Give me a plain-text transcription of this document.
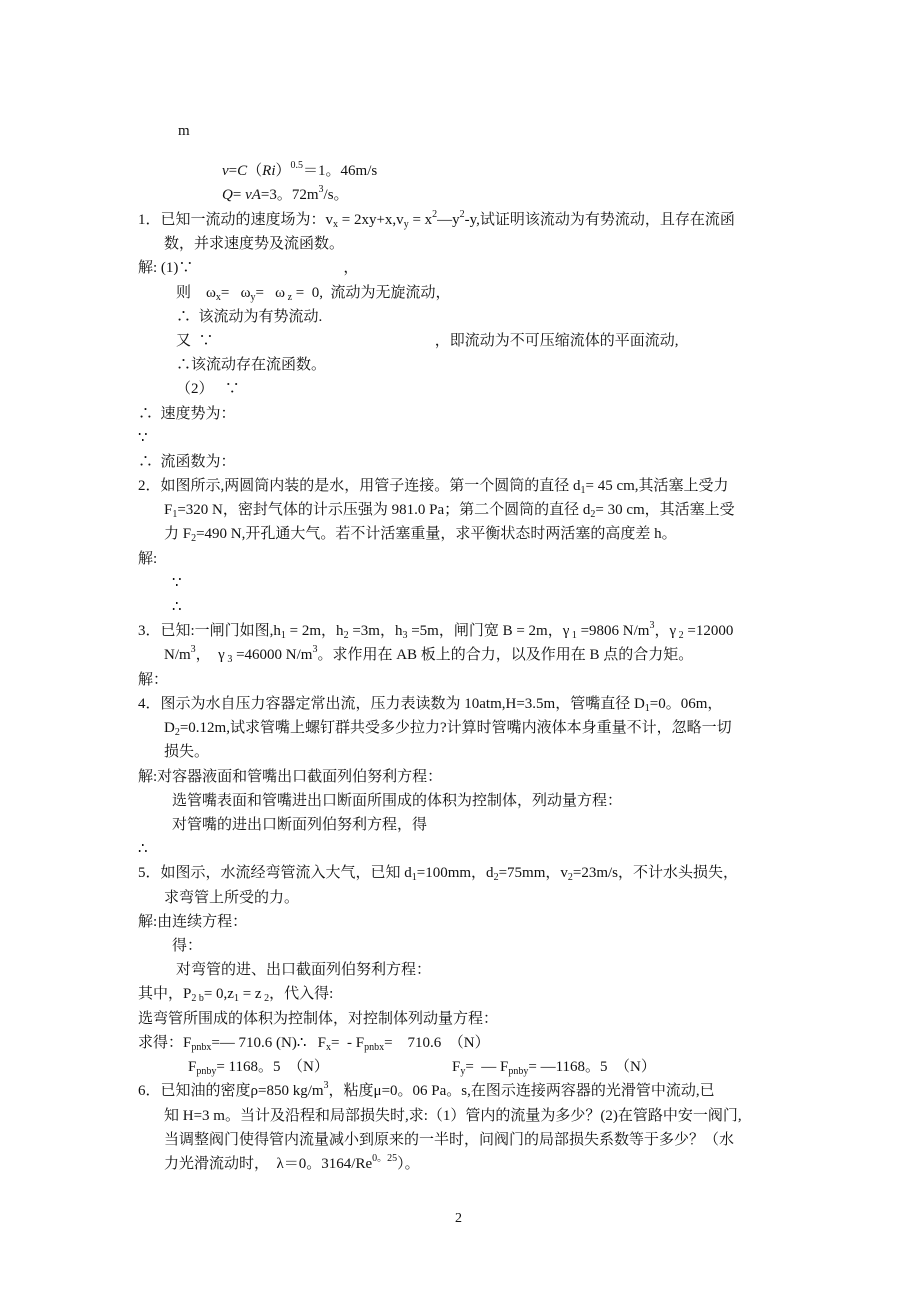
m
$v=C(Ri)^{0.5}=1$。46m/s
Q= vA=3。$72m^3/s$。
1．已知一流动的速度场为：$v_x = 2xy+x,v_y$ = $x^2—y^2-y$,试证明该流动为有势流动，且存在流函
数，并求速度势及流函数。
解: (1)∵                                        ，
则    $\omega_x= \omega_y= \omega$ $_z$ =  0,  流动为无旋流动，
∴  该流动为有势流动.
又  ∵                                                           ，即流动为不可压缩流体的平面流动,
∴该流动存在流函数。
（2）   ∵
∴  速度势为：
∵
∴  流函数为：
2．如图所示,两圆筒内装的是水，用管子连接。第一个圆筒的直径 $d_1= 45$ cm,其活塞上受力
$F_1=320$ N，密封气体的计示压强为 981.0 Pa；第二个圆筒的直径 $d_2= 30$ cm，其活塞上受
力 $F_2=490$ N,开孔通大气。若不计活塞重量，求平衡状态时两活塞的高度差 h。
解:
∵
∴
3．已知:一闸门如图$,h_1 = 2m$，$h_2 =3m$，$h_3 =5m$，闸门宽 B = 2m，γ $_1$ =9806 $N/m^3$，γ $_2$ =12000
$N/m^3$，  γ $_3$ =46000 $N/m^3$。求作用在 AB 板上的合力，以及作用在 B 点的合力矩。
解：
4．图示为水自压力容器定常出流，压力表读数为 10atm,H=3.5m，管嘴直径 $D_1=0$。06m，
$D_2=0.12m$,试求管嘴上螺钉群共受多少拉力?计算时管嘴内液体本身重量不计，忽略一切
损失。
解:对容器液面和管嘴出口截面列伯努利方程：
选管嘴表面和管嘴进出口断面所围成的体积为控制体，列动量方程：
对管嘴的进出口断面列伯努利方程，得
∴
5．如图示，水流经弯管流入大气，已知 $d_1=100mm$，$d_2=75mm$，$v_2=23m/s$，不计水头损失，
求弯管上所受的力。
解:由连续方程：
得：
对弯管的进、出口截面列伯努利方程：
其中，$P_{2 b}= 0,z_1 = z$ $_2$，代入得:
选弯管所围成的体积为控制体，对控制体列动量方程：
求得：$F_{pnbx}=—$ 710.6 (N)∴   $F_x= - F_{pnbx}=$    710.6  （N）
$F_{pnby}= 1168$。5  （N）	$F_y=$  — $F_{pnby}=$ —1168。5  （N）
6．已知油的密度ρ=850 $kg/m^3$，粘度μ=0。06 Pa。s,在图示连接两容器的光滑管中流动,已
知 H=3 m。当计及沿程和局部损失时,求:（1）管内的流量为多少？(2)在管路中安一阀门,
当调整阀门使得管内流量减小到原来的一半时，问阀门的局部损失系数等于多少？（水
力光滑流动时，  λ＝0。$3164/Re^{0。25}$）。
2
